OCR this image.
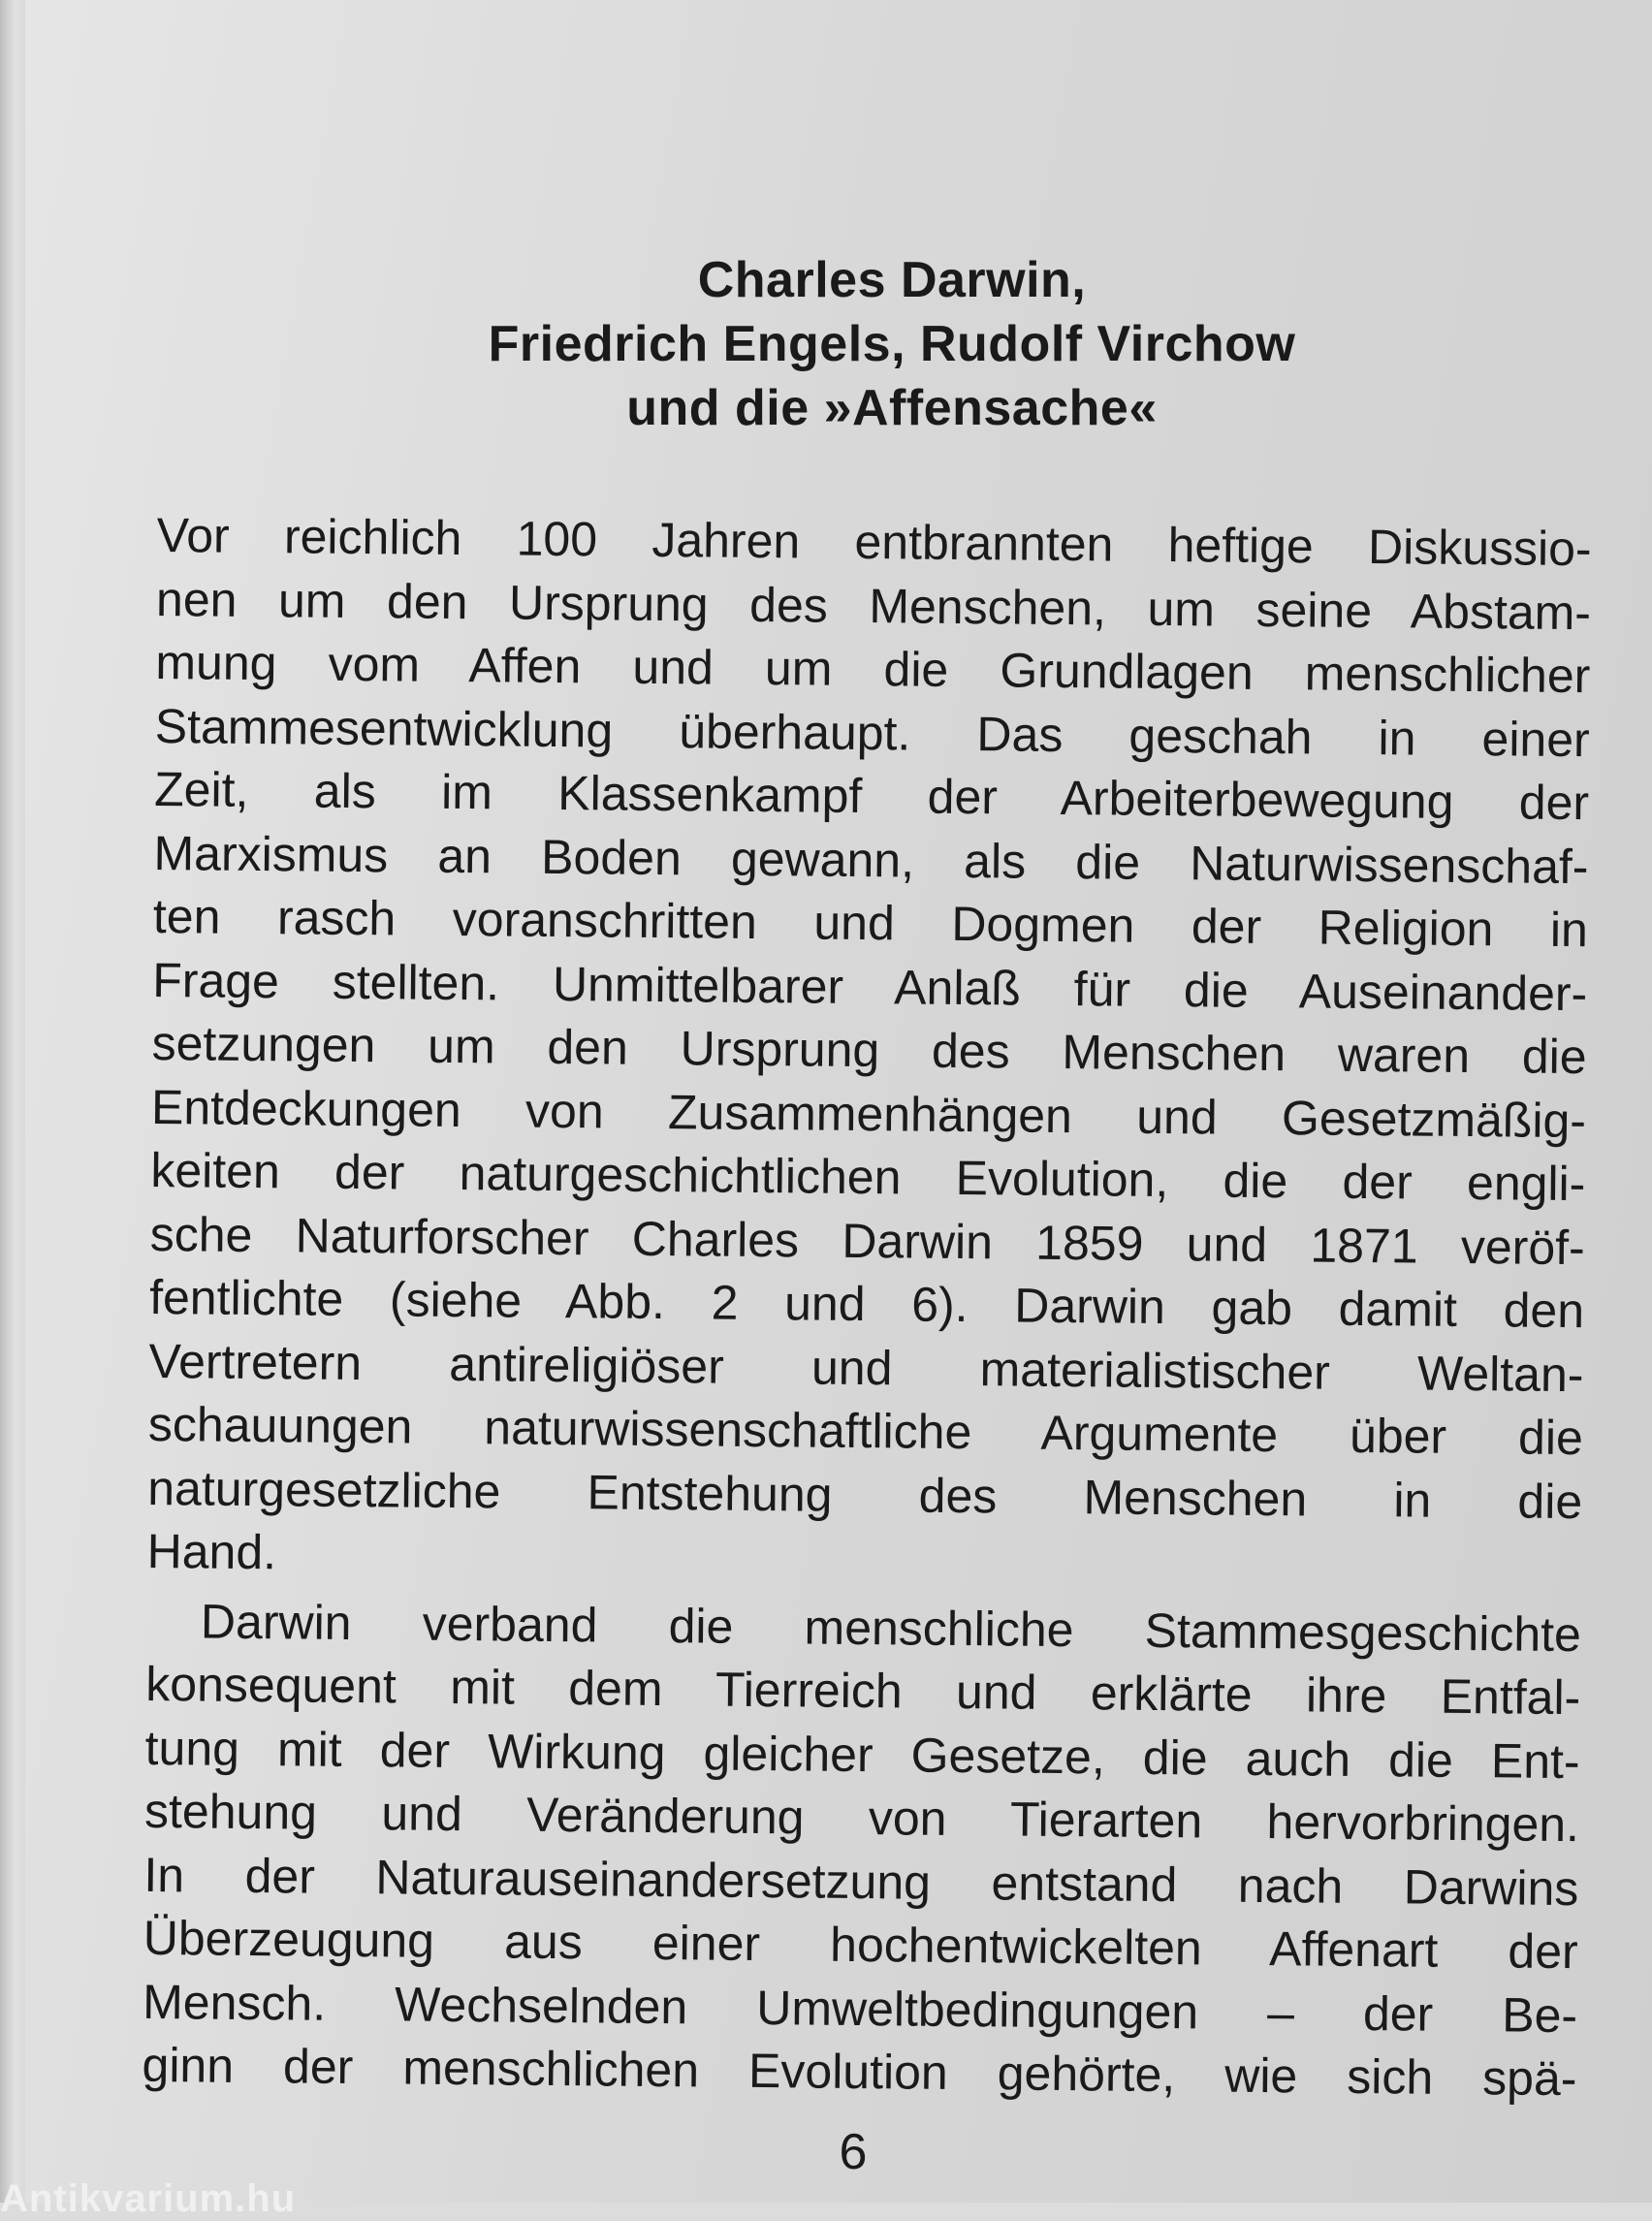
Charles Darwin,
Friedrich Engels, Rudolf Virchow
und die »Affensache«
Vor reichlich 100 Jahren entbrannten heftige Diskussio-
nen um den Ursprung des Menschen, um seine Abstam-
mung vom Affen und um die Grundlagen menschlicher
Stammesentwicklung überhaupt. Das geschah in einer
Zeit, als im Klassenkampf der Arbeiterbewegung der
Marxismus an Boden gewann, als die Naturwissenschaf-
ten rasch voranschritten und Dogmen der Religion in
Frage stellten. Unmittelbarer Anlaß für die Auseinander-
setzungen um den Ursprung des Menschen waren die
Entdeckungen von Zusammenhängen und Gesetzmäßig-
keiten der naturgeschichtlichen Evolution, die der engli-
sche Naturforscher Charles Darwin 1859 und 1871 veröf-
fentlichte (siehe Abb. 2 und 6). Darwin gab damit den
Vertretern antireligiöser und materialistischer Weltan-
schauungen naturwissenschaftliche Argumente über die
naturgesetzliche Entstehung des Menschen in die
Hand.
Darwin verband die menschliche Stammesgeschichte
konsequent mit dem Tierreich und erklärte ihre Entfal-
tung mit der Wirkung gleicher Gesetze, die auch die Ent-
stehung und Veränderung von Tierarten hervorbringen.
In der Naturauseinandersetzung entstand nach Darwins
Überzeugung aus einer hochentwickelten Affenart der
Mensch. Wechselnden Umweltbedingungen – der Be-
ginn der menschlichen Evolution gehörte, wie sich spä-
6
Antikvarium.hu
